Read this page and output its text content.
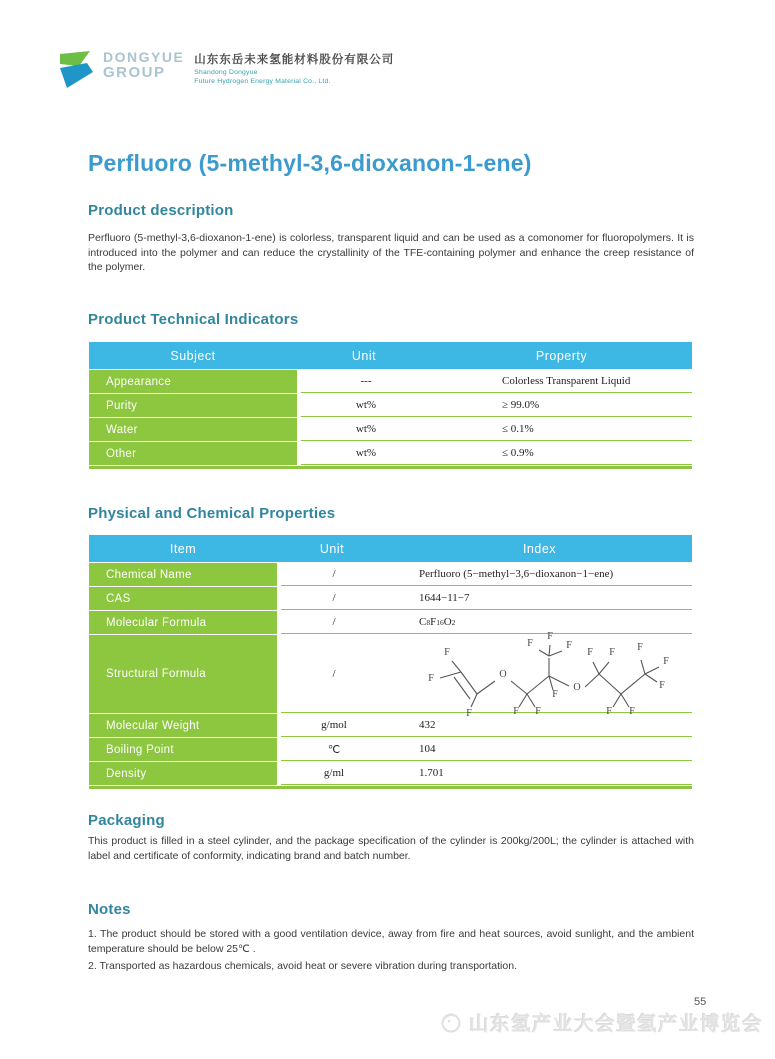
DONGYUE
GROUP
山东东岳未来氢能材料股份有限公司
Shandong Dongyue
Future Hydrogen Energy Material Co., Ltd.
Perfluoro (5-methyl-3,6-dioxanon-1-ene)
Product description
Perfluoro (5-methyl-3,6-dioxanon-1-ene) is colorless, transparent liquid and can be used as a comonomer for fluoropolymers. It is introduced into the polymer and can reduce the crystallinity of the TFE-containing polymer and enhance the creep resistance of the polymer.
Product Technical Indicators
Subject	Unit	Property
Appearance	---	Colorless Transparent Liquid
Purity	wt%	≥ 99.0%
Water	wt%	≤ 0.1%
Other	wt%	≤ 0.9%
Physical and Chemical Properties
Item	Unit	Index
Chemical Name	/	Perfluoro (5−methyl−3,6−dioxanon−1−ene)
CAS	/	1644−11−7
Molecular Formula	/	C 8 F 16 O 2
Structural Formula	/
F
F
F
O
F F
F
F
F
F
O
F F
F F
F
F
F
Molecular Weight	g/mol	432
Boiling Point	℃	104
Density	g/ml	1.701
Packaging
This product is filled in a steel cylinder, and the package specification of the cylinder is 200kg/200L; the cylinder is attached with label and certificate of conformity, indicating brand and batch number.
Notes
1. The product should be stored with a good ventilation device, away from fire and heat sources, avoid sunlight, and the ambient temperature should be below 25℃ .
2. Transported as hazardous chemicals, avoid heat or severe vibration during transportation.
55
山东氢产业大会暨氢产业博览会
